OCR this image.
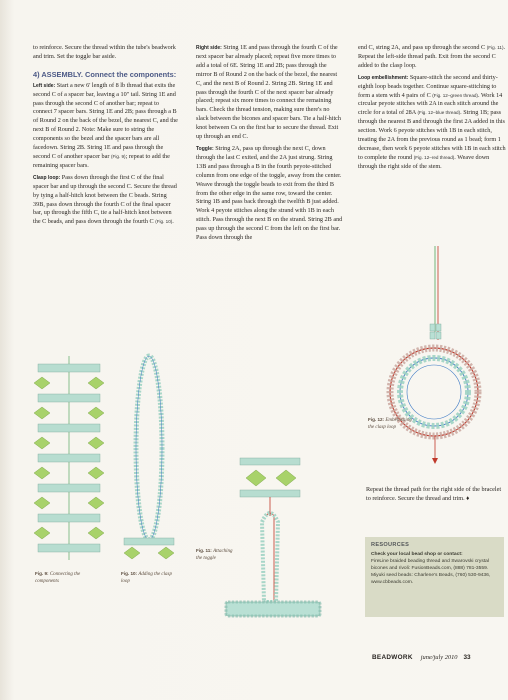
to reinforce. Secure the thread within the tube's beadwork and trim. Set the toggle bar aside.

4) ASSEMBLY. Connect the components:

Left side: Start a new 6' length of 8 lb thread that exits the second C of a spacer bar, leaving a 10" tail. String 1E and pass through the second C of another bar; repeat to connect 7 spacer bars. String 1E and 2B; pass through a B of Round 2 on the back of the bezel, the nearest C, and the next B of Round 2. Note: Make sure to string the components so the bezel and the spacer bars are all facedown. String 2B. String 1E and pass through the second C of another spacer bar (Fig. 9); repeat to add the remaining spacer bars.

Clasp loop: Pass down through the first C of the final spacer bar and up through the second C. Secure the thread by tying a half-hitch knot between the C beads. String 39B, pass down through the fourth C of the final spacer bar, up through the fifth C, tie a half-hitch knot between the C beads, and pass down through the fourth C (Fig. 10).

Right side: String 1E and pass through the fourth C of the next spacer bar already placed; repeat five more times to add a total of 6E. String 1E and 2B; pass through the mirror B of Round 2 on the back of the bezel, the nearest C, and the next B of Round 2. String 2B. String 1E and pass through the fourth C of the next spacer bar already placed; repeat six more times to connect the remaining bars. Check the thread tension, making sure there's no slack between the bicones and spacer bars. Tie a half-hitch knot between Cs on the first bar to secure the thread. Exit up through an end C.

Toggle: String 2A, pass up through the next C, down through the last C exited, and the 2A just strung. String 13B and pass through a B in the fourth peyote-stitched column from one edge of the toggle, away from the center. Weave through the toggle beads to exit from the third B from the other edge in the same row, toward the center. String 1B and pass back through the twelfth B just added. Work 4 peyote stitches along the strand with 1B in each stitch. Pass through the next B on the strand. String 2B and pass up through the second C from the left on the first bar. Pass down through the

end C, string 2A, and pass up through the second C (Fig. 11). Repeat the left-side thread path. Exit from the second C added to the clasp loop.

Loop embellishment: Square-stitch the second and thirty-eighth loop beads together. Continue square-stitching to form a stem with 4 pairs of C (Fig. 12–green thread). Work 14 circular peyote stitches with 2A in each stitch around the circle for a total of 28A (Fig. 12–blue thread). String 1B; pass through the nearest B and through the first 2A added in this section. Work 6 peyote stitches with 1B in each stitch, treating the 2A from the previous round as 1 bead; form 1 decrease, then work 6 peyote stitches with 1B in each stitch to complete the round (Fig. 12–red thread). Weave down through the right side of the stem.

Fig. 12: Embellishing the clasp loop

Repeat the thread path for the right side of the bracelet to reinforce. Secure the thread and trim. ♦

Fig. 9: Connecting the components
Fig. 10: Adding the clasp loop
Fig. 11: Attaching the toggle
RESOURCES
Check your local bead shop or contact:
FireLine braided beading thread and Swarovski crystal bicones and rivoli: FusionBeads.com, (888) 781-3559. Miyuki seed beads: Charlene's Beads, (760) 530-9436, www.cbbeads.com.
BEADWORK june/july 2010 33
